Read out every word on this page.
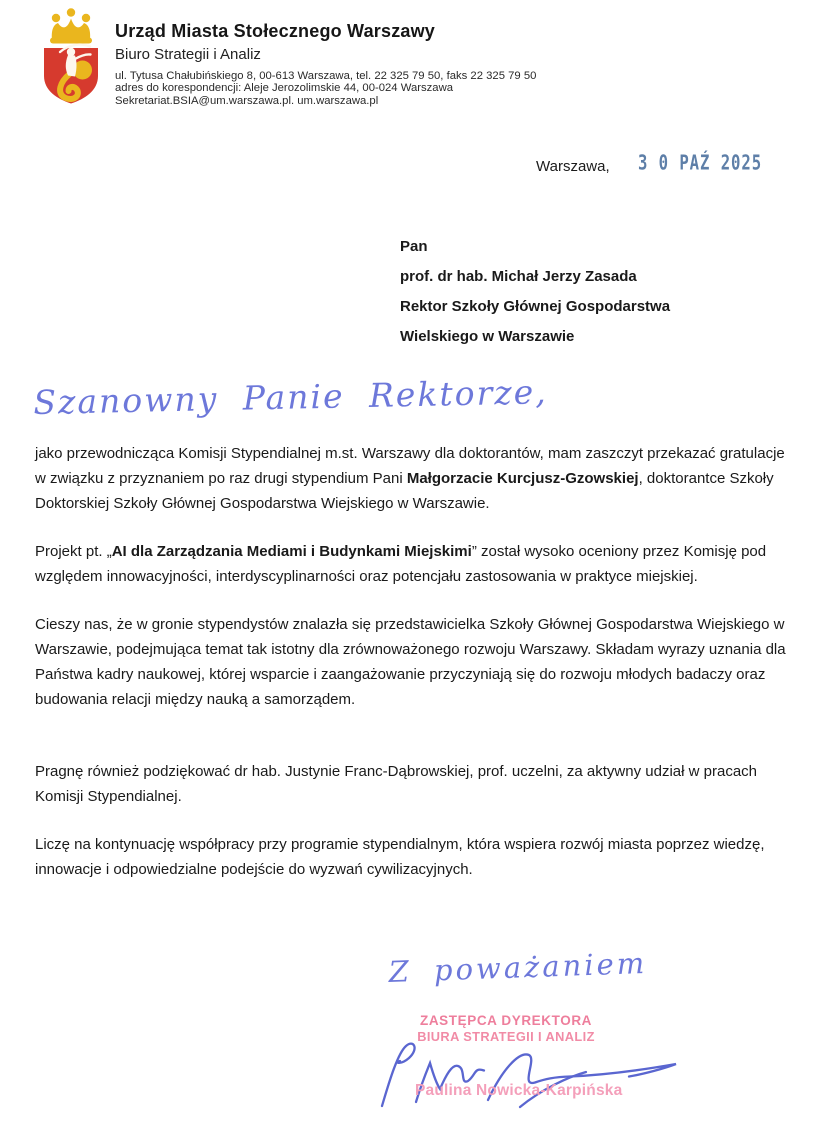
Urząd Miasta Stołecznego Warszawy
Biuro Strategii i Analiz
ul. Tytusa Chałubińskiego 8, 00-613 Warszawa, tel. 22 325 79 50, faks 22 325 79 50
adres do korespondencji: Aleje Jerozolimskie 44, 00-024 Warszawa
Sekretariat.BSIA@um.warszawa.pl. um.warszawa.pl
Warszawa, 3 0 PAŹ 2025
Pan
prof. dr hab. Michał Jerzy Zasada
Rektor Szkoły Głównej Gospodarstwa
Wielskiego w Warszawie
Szanowny Panie Rektorze,

jako przewodnicząca Komisji Stypendialnej m.st. Warszawy dla doktorantów, mam zaszczyt przekazać gratulacje w związku z przyznaniem po raz drugi stypendium Pani Małgorzacie Kurcjusz-Gzowskiej, doktorantce Szkoły Doktorskiej Szkoły Głównej Gospodarstwa Wiejskiego w Warszawie.

Projekt pt. „AI dla Zarządzania Mediami i Budynkami Miejskimi” został wysoko oceniony przez Komisję pod względem innowacyjności, interdyscyplinarności oraz potencjału zastosowania w praktyce miejskiej.

Cieszy nas, że w gronie stypendystów znalazła się przedstawicielka Szkoły Głównej Gospodarstwa Wiejskiego w Warszawie, podejmująca temat tak istotny dla zrównoważonego rozwoju Warszawy. Składam wyrazy uznania dla Państwa kadry naukowej, której wsparcie i zaangażowanie przyczyniają się do rozwoju młodych badaczy oraz budowania relacji między nauką a samorządem.

Pragnę również podziękować dr hab. Justynie Franc-Dąbrowskiej, prof. uczelni, za aktywny udział w pracach Komisji Stypendialnej.

Liczę na kontynuację współpracy przy programie stypendialnym, która wspiera rozwój miasta poprzez wiedzę, innowacje i odpowiedzialne podejście do wyzwań cywilizacyjnych.

Z poważaniem
ZASTĘPCA DYREKTORA
BIURA STRATEGII I ANALIZ
Paulina Nowicka-Karpińska
